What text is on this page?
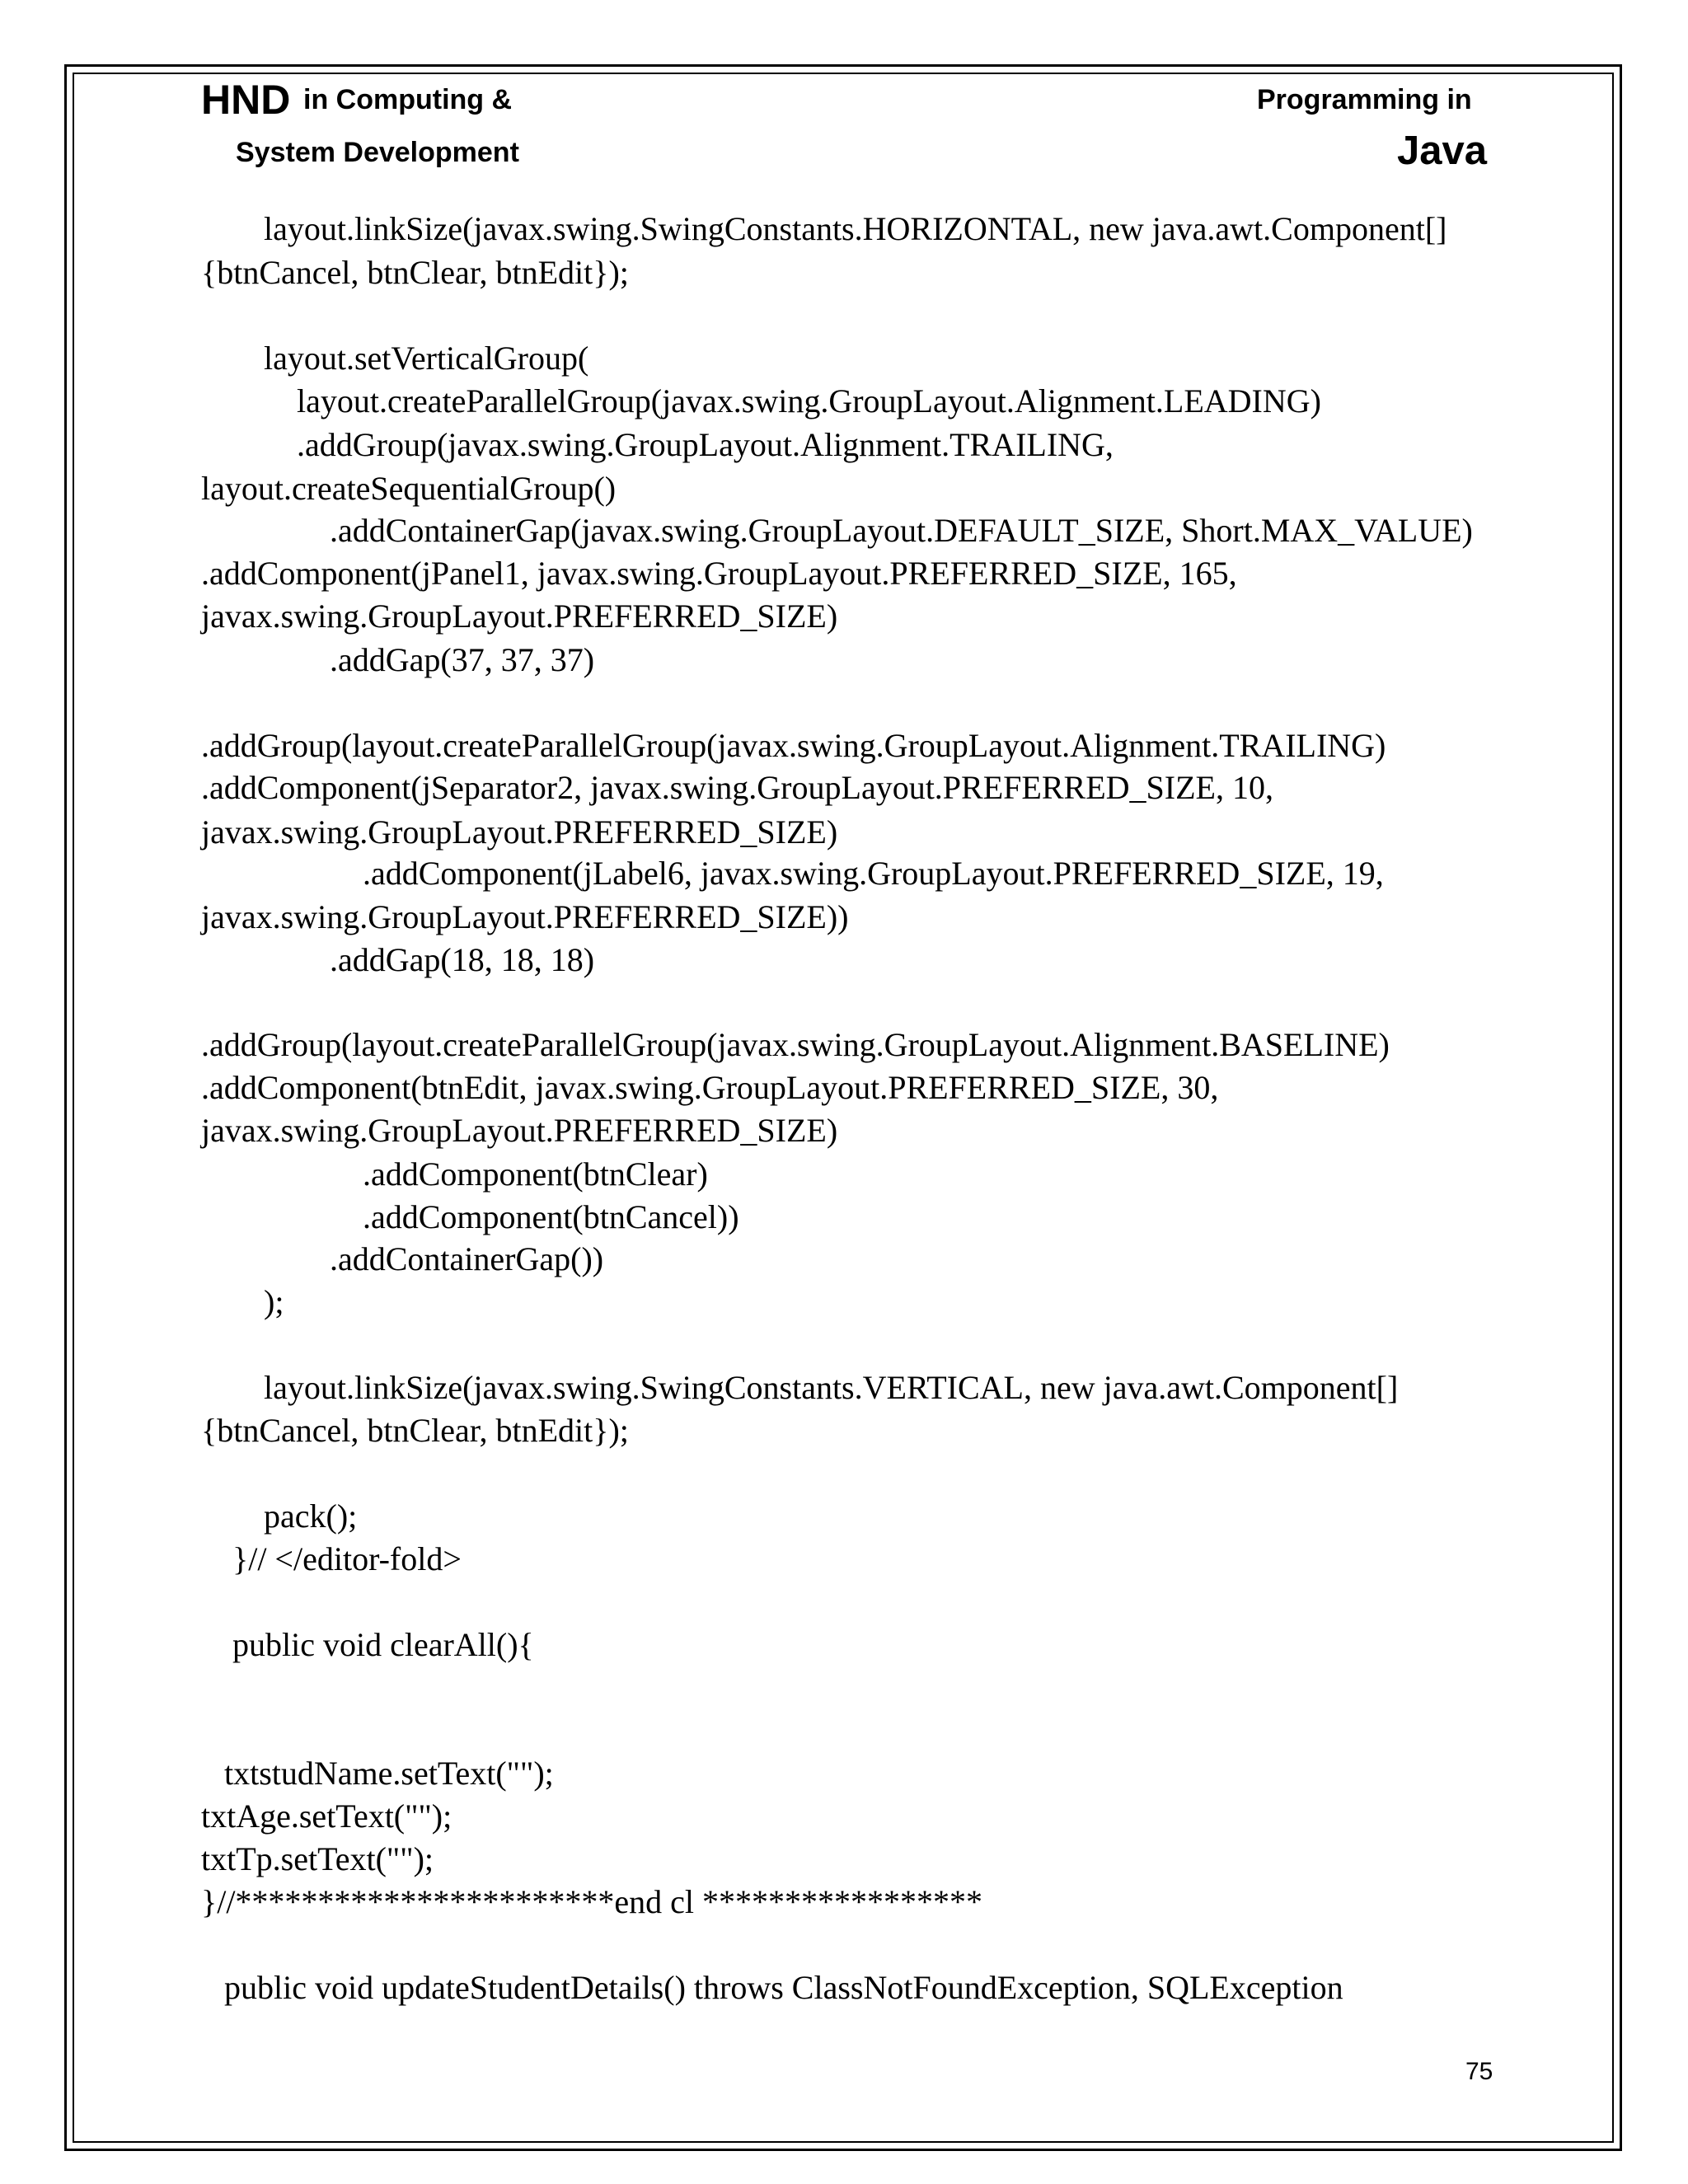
HND in Computing &
System Development
Programming in
Java
layout.linkSize(javax.swing.SwingConstants.HORIZONTAL, new java.awt.Component[]
{btnCancel, btnClear, btnEdit});
layout.setVerticalGroup(
layout.createParallelGroup(javax.swing.GroupLayout.Alignment.LEADING)
.addGroup(javax.swing.GroupLayout.Alignment.TRAILING,
layout.createSequentialGroup()
.addContainerGap(javax.swing.GroupLayout.DEFAULT_SIZE, Short.MAX_VALUE)
.addComponent(jPanel1, javax.swing.GroupLayout.PREFERRED_SIZE, 165,
javax.swing.GroupLayout.PREFERRED_SIZE)
.addGap(37, 37, 37)
.addGroup(layout.createParallelGroup(javax.swing.GroupLayout.Alignment.TRAILING)
.addComponent(jSeparator2, javax.swing.GroupLayout.PREFERRED_SIZE, 10,
javax.swing.GroupLayout.PREFERRED_SIZE)
.addComponent(jLabel6, javax.swing.GroupLayout.PREFERRED_SIZE, 19,
javax.swing.GroupLayout.PREFERRED_SIZE))
.addGap(18, 18, 18)
.addGroup(layout.createParallelGroup(javax.swing.GroupLayout.Alignment.BASELINE)
.addComponent(btnEdit, javax.swing.GroupLayout.PREFERRED_SIZE, 30,
javax.swing.GroupLayout.PREFERRED_SIZE)
.addComponent(btnClear)
.addComponent(btnCancel))
.addContainerGap())
);
layout.linkSize(javax.swing.SwingConstants.VERTICAL, new java.awt.Component[]
{btnCancel, btnClear, btnEdit});
pack();
}// </editor-fold>
public void clearAll(){
txtstudName.setText("");
txtAge.setText("");
txtTp.setText("");
}//***********************end cl *****************
public void updateStudentDetails() throws ClassNotFoundException, SQLException
75
